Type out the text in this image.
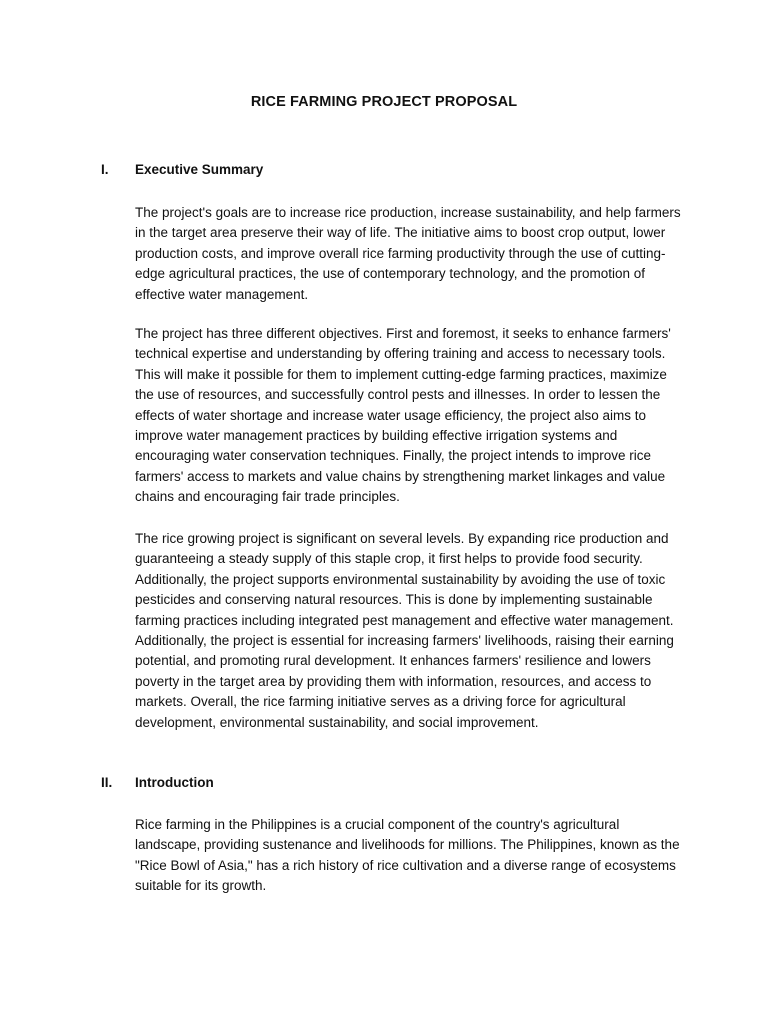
RICE FARMING PROJECT PROPOSAL
I. Executive Summary

The project's goals are to increase rice production, increase sustainability, and help farmers in the target area preserve their way of life. The initiative aims to boost crop output, lower production costs, and improve overall rice farming productivity through the use of cutting-edge agricultural practices, the use of contemporary technology, and the promotion of effective water management.

The project has three different objectives. First and foremost, it seeks to enhance farmers' technical expertise and understanding by offering training and access to necessary tools. This will make it possible for them to implement cutting-edge farming practices, maximize the use of resources, and successfully control pests and illnesses. In order to lessen the effects of water shortage and increase water usage efficiency, the project also aims to improve water management practices by building effective irrigation systems and encouraging water conservation techniques. Finally, the project intends to improve rice farmers' access to markets and value chains by strengthening market linkages and value chains and encouraging fair trade principles.

The rice growing project is significant on several levels. By expanding rice production and guaranteeing a steady supply of this staple crop, it first helps to provide food security. Additionally, the project supports environmental sustainability by avoiding the use of toxic pesticides and conserving natural resources. This is done by implementing sustainable farming practices including integrated pest management and effective water management. Additionally, the project is essential for increasing farmers' livelihoods, raising their earning potential, and promoting rural development. It enhances farmers' resilience and lowers poverty in the target area by providing them with information, resources, and access to markets. Overall, the rice farming initiative serves as a driving force for agricultural development, environmental sustainability, and social improvement.

II. Introduction

Rice farming in the Philippines is a crucial component of the country's agricultural landscape, providing sustenance and livelihoods for millions. The Philippines, known as the "Rice Bowl of Asia," has a rich history of rice cultivation and a diverse range of ecosystems suitable for its growth.
